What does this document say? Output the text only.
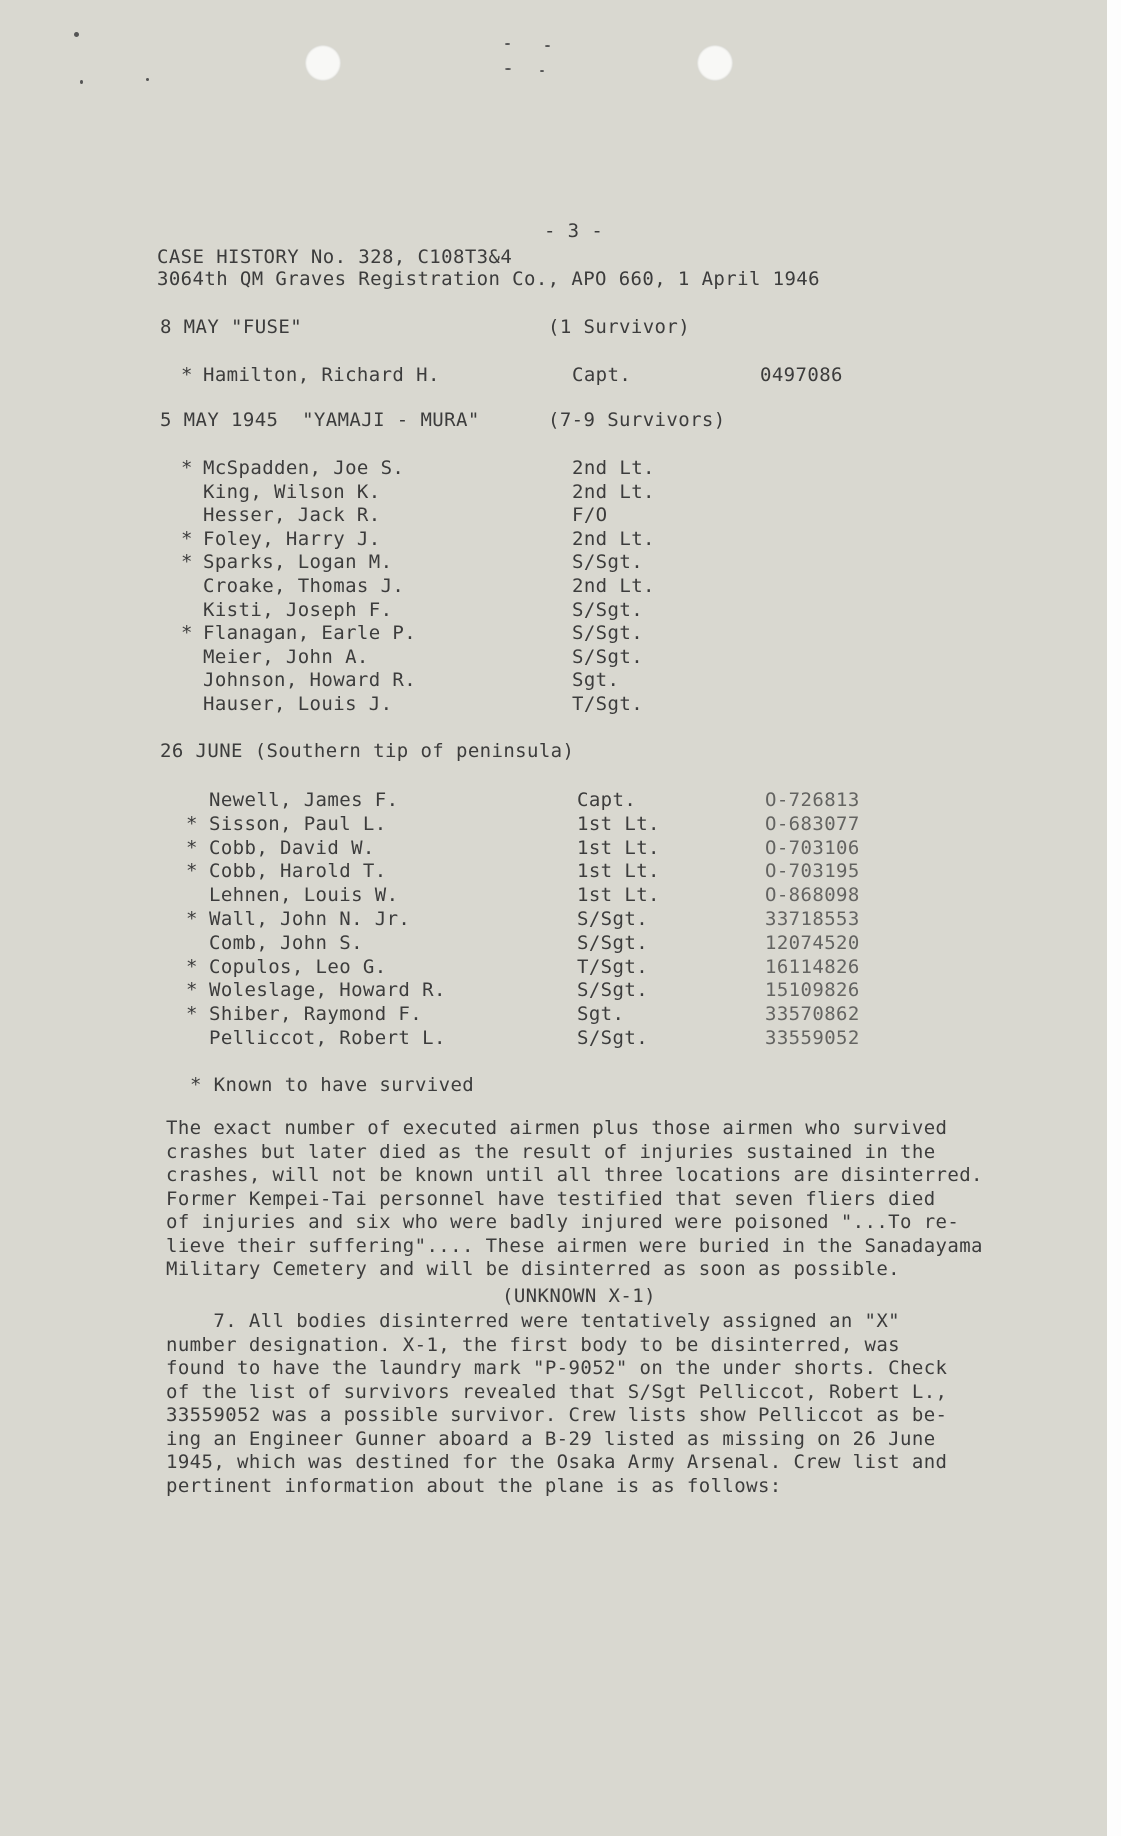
- 3 -
CASE HISTORY No. 328, C108T3&4
3064th QM Graves Registration Co., APO 660, 1 April 1946
8 MAY "FUSE"	(1 Survivor)
* Hamilton, Richard H.	Capt.	0497086
5 MAY 1945  "YAMAJI - MURA"	(7-9 Survivors)
* McSpadden, Joe S.	2nd Lt.
King, Wilson K.	2nd Lt.
Hesser, Jack R.	F/O
* Foley, Harry J.	2nd Lt.
* Sparks, Logan M.	S/Sgt.
Croake, Thomas J.	2nd Lt.
Kisti, Joseph F.	S/Sgt.
* Flanagan, Earle P.	S/Sgt.
Meier, John A.	S/Sgt.
Johnson, Howard R.	Sgt.
Hauser, Louis J.	T/Sgt.
26 JUNE (Southern tip of peninsula)
Newell, James F.	Capt.	O-726813
* Sisson, Paul L.	1st Lt.	O-683077
* Cobb, David W.	1st Lt.	O-703106
* Cobb, Harold T.	1st Lt.	O-703195
Lehnen, Louis W.	1st Lt.	O-868098
* Wall, John N. Jr.	S/Sgt.	33718553
Comb, John S.	S/Sgt.	12074520
* Copulos, Leo G.	T/Sgt.	16114826
* Woleslage, Howard R.	S/Sgt.	15109826
* Shiber, Raymond F.	Sgt.	33570862
Pelliccot, Robert L.	S/Sgt.	33559052
* Known to have survived
The exact number of executed airmen plus those airmen who survived
crashes but later died as the result of injuries sustained in the
crashes, will not be known until all three locations are disinterred.
Former Kempei-Tai personnel have testified that seven fliers died
of injuries and six who were badly injured were poisoned "...To re-
lieve their suffering".... These airmen were buried in the Sanadayama
Military Cemetery and will be disinterred as soon as possible.
(UNKNOWN X-1)
7. All bodies disinterred were tentatively assigned an "X"
number designation. X-1, the first body to be disinterred, was
found to have the laundry mark "P-9052" on the under shorts. Check
of the list of survivors revealed that S/Sgt Pelliccot, Robert L.,
33559052 was a possible survivor. Crew lists show Pelliccot as be-
ing an Engineer Gunner aboard a B-29 listed as missing on 26 June
1945, which was destined for the Osaka Army Arsenal. Crew list and
pertinent information about the plane is as follows:
